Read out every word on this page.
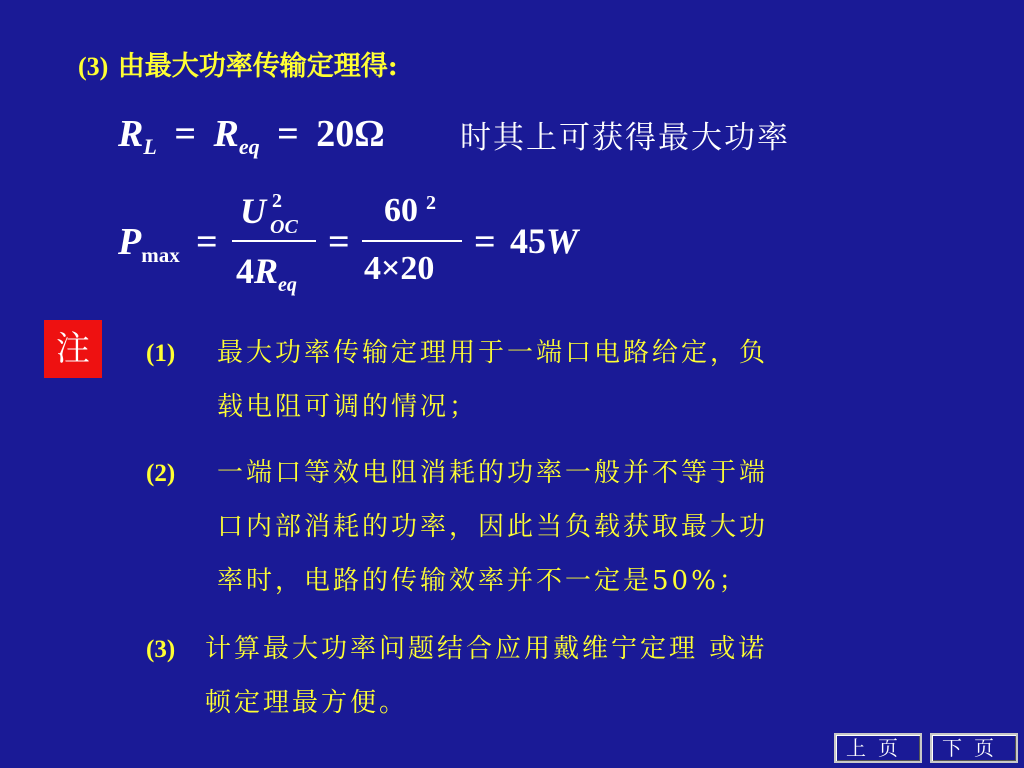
(3) 由最大功率传输定理得:
$R_L = R_{eq} = 20\Omega$ 时其上可获得最大功率
$P_{max}$ =
U 2
OC
$4R_{eq}$
=
60 2
4×20
= 45W
注	(1) 最大功率传输定理用于一端口电路给定，负
载电阻可调的情况；
(2) 一端口等效电阻消耗的功率一般并不等于端
口内部消耗的功率，因此当负载获取最大功
率时，电路的传输效率并不一定是50%；
(3) 计算最大功率问题结合应用戴维宁定理 或诺
顿定理最方便。
上页	下页
